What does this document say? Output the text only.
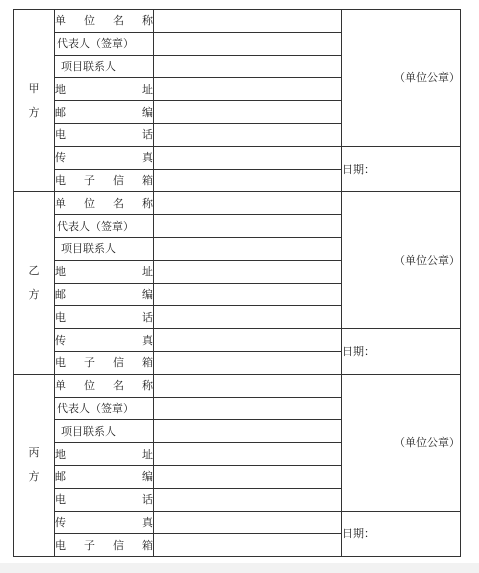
甲
方	单 位 名 称		（单位公章）

	代表人（签章）		

	项目联系人		

	地 址		

	邮 编		

	电 话		

	传 真		日期：

	电 子 信 箱		

乙
方	单 位 名 称		（单位公章）

	代表人（签章）		

	项目联系人		

	地 址		

	邮 编		

	电 话		

	传 真		日期：

	电 子 信 箱		

丙
方	单 位 名 称		（单位公章）

	代表人（签章）		

	项目联系人		

	地 址		

	邮 编		

	电 话		

	传 真		日期：

	电 子 信 箱		
